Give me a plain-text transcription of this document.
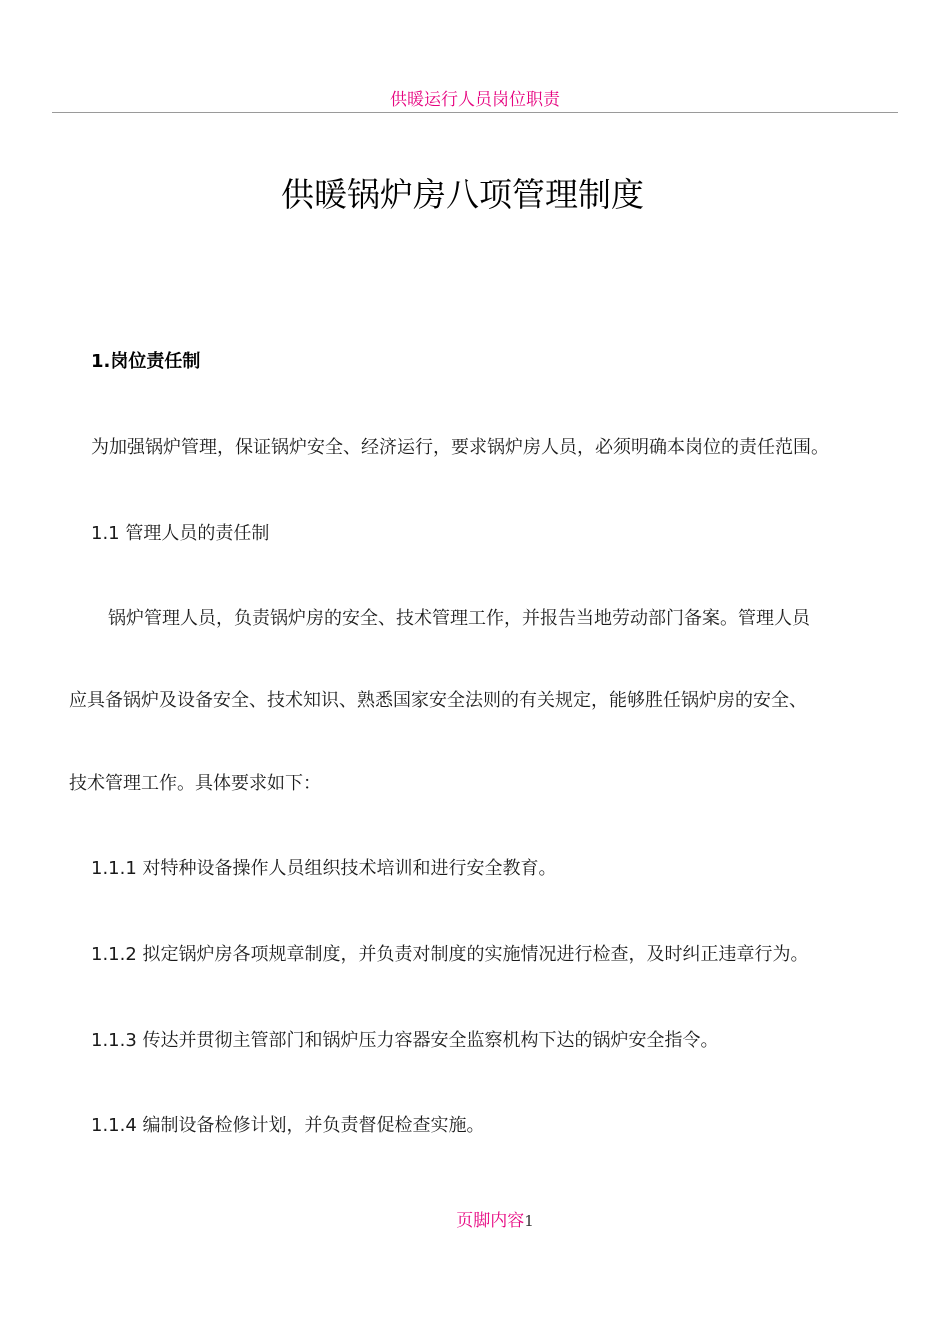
供暖运行人员岗位职责
供暖锅炉房八项管理制度
1.岗位责任制
为加强锅炉管理，保证锅炉安全、经济运行，要求锅炉房人员，必须明确本岗位的责任范围。
1.1 管理人员的责任制
锅炉管理人员，负责锅炉房的安全、技术管理工作，并报告当地劳动部门备案。管理人员
应具备锅炉及设备安全、技术知识、熟悉国家安全法则的有关规定，能够胜任锅炉房的安全、
技术管理工作。具体要求如下：
1.1.1 对特种设备操作人员组织技术培训和进行安全教育。
1.1.2 拟定锅炉房各项规章制度，并负责对制度的实施情况进行检查，及时纠正违章行为。
1.1.3 传达并贯彻主管部门和锅炉压力容器安全监察机构下达的锅炉安全指令。
1.1.4 编制设备检修计划，并负责督促检查实施。
页脚内容1
